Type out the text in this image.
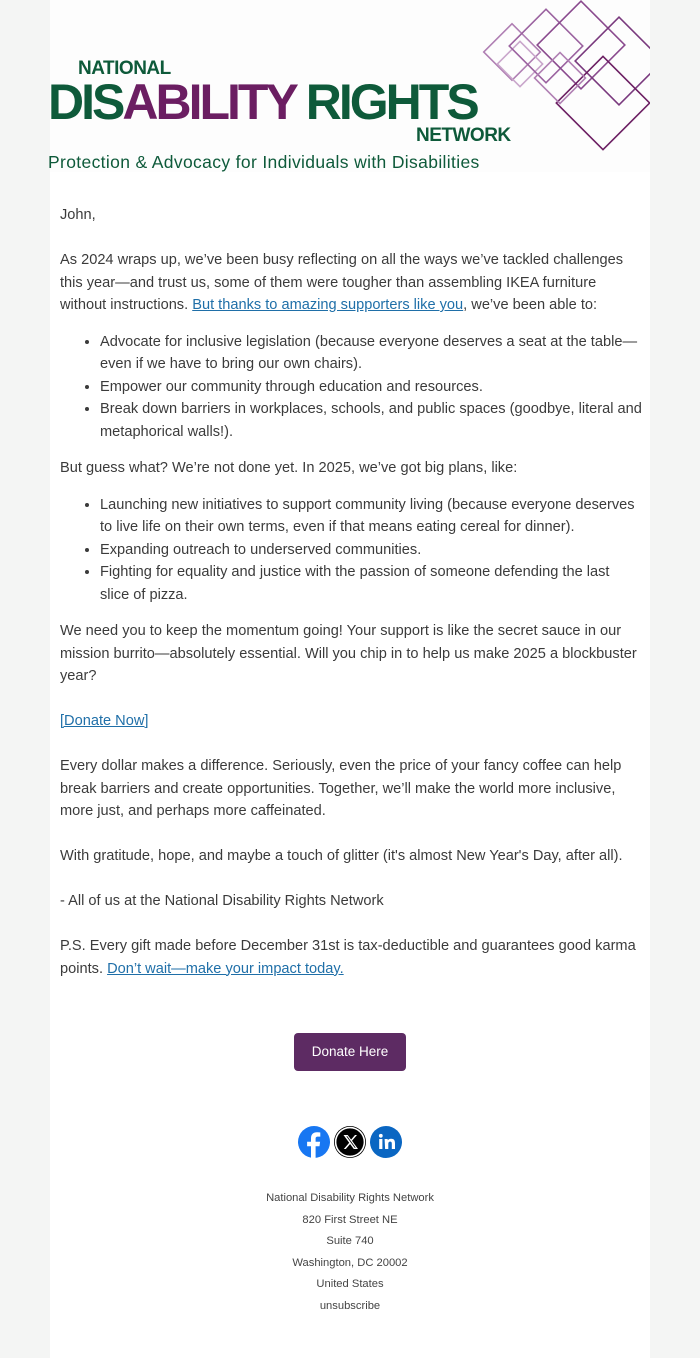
NATIONAL
DISABILITY RIGHTS
NETWORK
Protection & Advocacy for Individuals with Disabilities

John,

As 2024 wraps up, we’ve been busy reflecting on all the ways we’ve tackled challenges this year—and trust us, some of them were tougher than assembling IKEA furniture without instructions. But thanks to amazing supporters like you, we’ve been able to:

• Advocate for inclusive legislation (because everyone deserves a seat at the table—even if we have to bring our own chairs).
• Empower our community through education and resources.
• Break down barriers in workplaces, schools, and public spaces (goodbye, literal and metaphorical walls!).

But guess what? We’re not done yet. In 2025, we’ve got big plans, like:

• Launching new initiatives to support community living (because everyone deserves to live life on their own terms, even if that means eating cereal for dinner).
• Expanding outreach to underserved communities.
• Fighting for equality and justice with the passion of someone defending the last slice of pizza.

We need you to keep the momentum going! Your support is like the secret sauce in our mission burrito—absolutely essential. Will you chip in to help us make 2025 a blockbuster year?

[Donate Now]

Every dollar makes a difference. Seriously, even the price of your fancy coffee can help break barriers and create opportunities. Together, we’ll make the world more inclusive, more just, and perhaps more caffeinated.

With gratitude, hope, and maybe a touch of glitter (it's almost New Year's Day, after all).

- All of us at the National Disability Rights Network

P.S. Every gift made before December 31st is tax-deductible and guarantees good karma points. Don’t wait—make your impact today.

Donate Here
National Disability Rights Network
820 First Street NE
Suite 740
Washington, DC 20002
United States
unsubscribe
